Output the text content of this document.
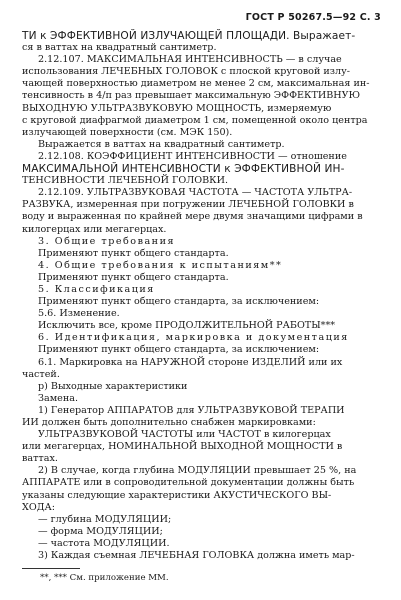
ГОСТ Р 50267.5—92 С. 3

ТИ к ЭФФЕКТИВНОЙ ИЗЛУЧАЮЩЕЙ ПЛОЩАДИ. Выражает-

ся в ваттах на квадратный сантиметр.

2.12.107. МАКСИМАЛЬНАЯ ИНТЕНСИВНОСТЬ — в случае

использования ЛЕЧЕБНЫХ ГОЛОВОК с плоской круговой излу-

чающей поверхностью диаметром не менее 2 см, максимальная ин-

тенсивность в 4/π раз превышает максимальную ЭФФЕКТИВНУЮ

ВЫХОДНУЮ УЛЬТРАЗВУКОВУЮ МОЩНОСТЬ, измеряемую

с круговой диафрагмой диаметром 1 см, помещенной около центра

излучающей поверхности (см. МЭК 150).

Выражается в ваттах на квадратный сантиметр.

2.12.108. КОЭФФИЦИЕНТ ИНТЕНСИВНОСТИ — отношение

МАКСИМАЛЬНОЙ ИНТЕНСИВНОСТИ к ЭФФЕКТИВНОЙ ИН-

ТЕНСИВНОСТИ ЛЕЧЕБНОЙ ГОЛОВКИ.

2.12.109. УЛЬТРАЗВУКОВАЯ ЧАСТОТА — ЧАСТОТА УЛЬТРА-

РАЗВУКА, измеренная при погружении ЛЕЧЕБНОЙ ГОЛОВКИ в

воду и выраженная по крайней мере двумя значащими цифрами в

килогерцах или мегагерцах.

3. Общие требования

Применяют пункт общего стандарта.

4. Общие требования к испытаниям**

Применяют пункт общего стандарта.

5. Классификация

Применяют пункт общего стандарта, за исключением:

5.6. Изменение.

Исключить все, кроме ПРОДОЛЖИТЕЛЬНОЙ РАБОТЫ***

6. Идентификация, маркировка и документация

Применяют пункт общего стандарта, за исключением:

6.1. Маркировка на НАРУЖНОЙ стороне ИЗДЕЛИЙ или их

частей.

р) Выходные характеристики

Замена.

1) Генератор АППАРАТОВ для УЛЬТРАЗВУКОВОЙ ТЕРАПИ

ИИ должен быть дополнительно снабжен маркировками:

УЛЬТРАЗВУКОВОЙ ЧАСТОТЫ или ЧАСТОТ в килогерцах

или мегагерцах, НОМИНАЛЬНОЙ ВЫХОДНОЙ МОЩНОСТИ в

ваттах.

2) В случае, когда глубина МОДУЛЯЦИИ превышает 25 %, на

АППАРАТЕ или в сопроводительной документации должны быть

указаны следующие характеристики АКУСТИЧЕСКОГО ВЫ-

ХОДА:

— глубина МОДУЛЯЦИИ;

— форма МОДУЛЯЦИИ;

— частота МОДУЛЯЦИИ.

3) Каждая съемная ЛЕЧЕБНАЯ ГОЛОВКА должна иметь мар-

**, *** См. приложение ММ.
